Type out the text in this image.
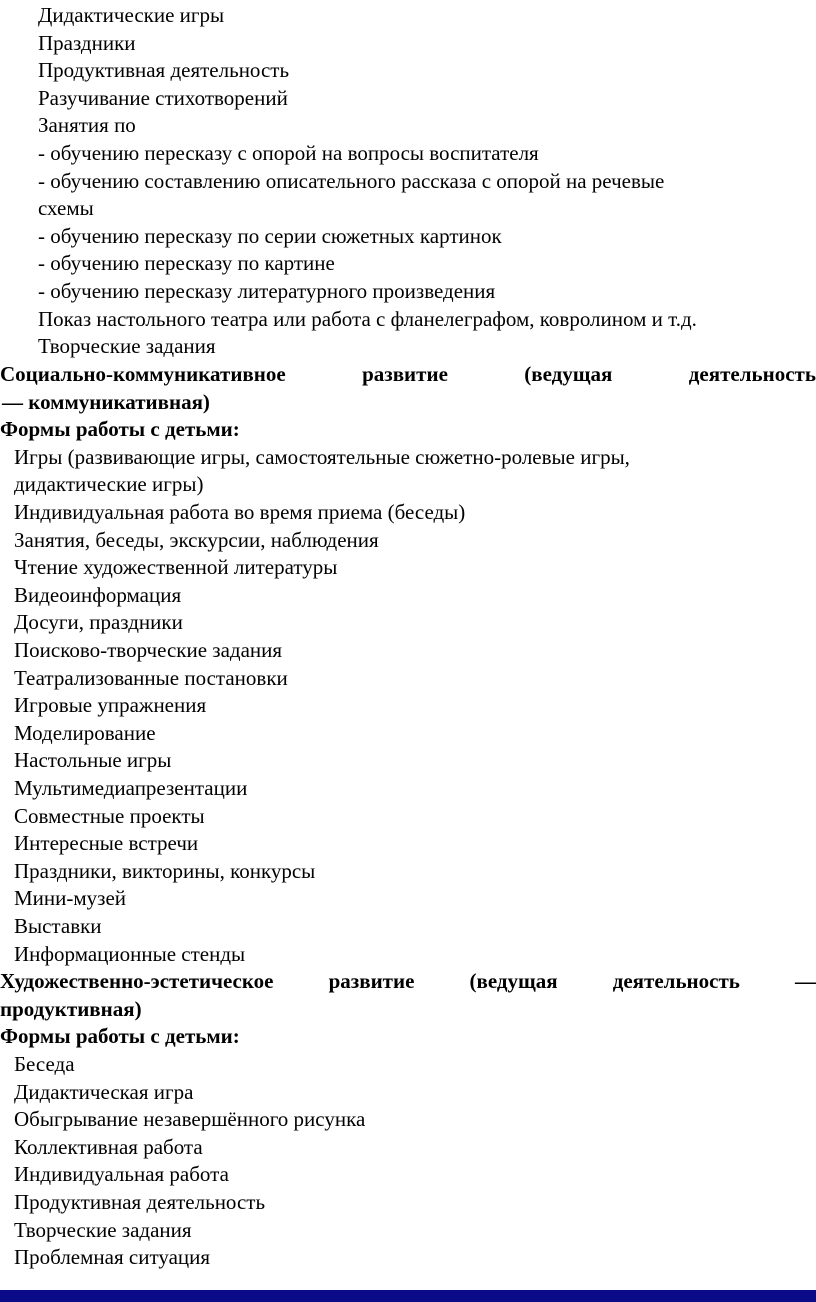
Дидактические игры
Праздники
Продуктивная деятельность
Разучивание стихотворений
Занятия по
- обучению пересказу с опорой на вопросы воспитателя
- обучению составлению описательного рассказа с опорой на речевые
схемы
- обучению пересказу по серии сюжетных картинок
- обучению пересказу по картине
- обучению пересказу литературного произведения
Показ настольного театра или работа с фланелеграфом, ковролином и т.д.
Творческие задания
Социально-коммуникативное	развитие	(ведущая	деятельность
— коммуникативная)
Формы работы с детьми:
Игры (развивающие игры, самостоятельные сюжетно-ролевые игры,
дидактические игры)
Индивидуальная работа во время приема (беседы)
Занятия, беседы, экскурсии, наблюдения
Чтение художественной литературы
Видеоинформация
Досуги, праздники
Поисково-творческие задания
Театрализованные постановки
Игровые упражнения
Моделирование
Настольные игры
Мультимедиапрезентации
Совместные проекты
Интересные встречи
Праздники, викторины, конкурсы
Мини-музей
Выставки
Информационные стенды
Художественно-эстетическое	развитие	(ведущая	деятельность	—
продуктивная)
Формы работы с детьми:
Беседа
Дидактическая игра
Обыгрывание незавершённого рисунка
Коллективная работа
Индивидуальная работа
Продуктивная деятельность
Творческие задания
Проблемная ситуация
